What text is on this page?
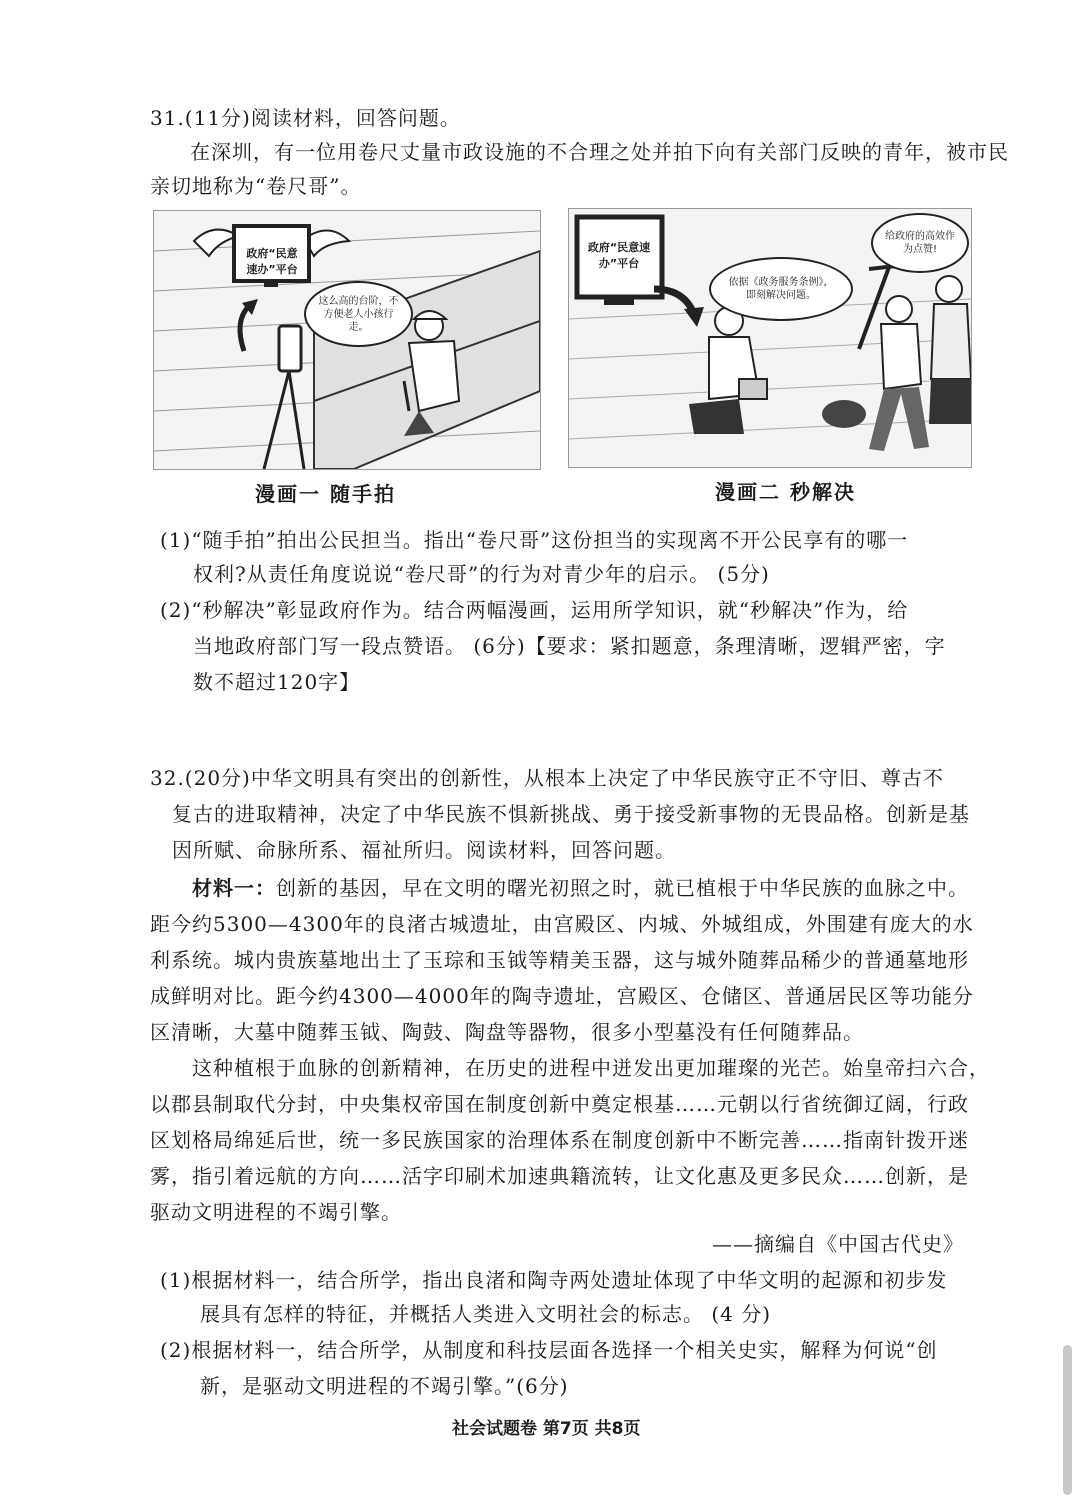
31.(11分)阅读材料，回答问题。
在深圳，有一位用卷尺丈量市政设施的不合理之处并拍下向有关部门反映的青年，被市民
亲切地称为“卷尺哥”。
政府“民意速办”平台
这么高的台阶，不方便老人小孩行走。
政府“民意速办”平台
依据《政务服务条例》，即刻解决问题。
给政府的高效作为点赞!
漫画一 随手拍	漫画二 秒解决
(1)“随手拍”拍出公民担当。指出“卷尺哥”这份担当的实现离不开公民享有的哪一
权利?从责任角度说说“卷尺哥”的行为对青少年的启示。 (5分)
(2)“秒解决”彰显政府作为。结合两幅漫画，运用所学知识，就“秒解决”作为，给
当地政府部门写一段点赞语。 (6分)【要求：紧扣题意，条理清晰，逻辑严密，字
数不超过120字】
32.(20分)中华文明具有突出的创新性，从根本上决定了中华民族守正不守旧、尊古不
复古的进取精神，决定了中华民族不惧新挑战、勇于接受新事物的无畏品格。创新是基
因所赋、命脉所系、福祉所归。阅读材料，回答问题。
材料一：创新的基因，早在文明的曙光初照之时，就已植根于中华民族的血脉之中。
距今约5300—4300年的良渚古城遗址，由宫殿区、内城、外城组成，外围建有庞大的水
利系统。城内贵族墓地出土了玉琮和玉钺等精美玉器，这与城外随葬品稀少的普通墓地形
成鲜明对比。距今约4300—4000年的陶寺遗址，宫殿区、仓储区、普通居民区等功能分
区清晰，大墓中随葬玉钺、陶鼓、陶盘等器物，很多小型墓没有任何随葬品。
这种植根于血脉的创新精神，在历史的进程中迸发出更加璀璨的光芒。始皇帝扫六合，
以郡县制取代分封，中央集权帝国在制度创新中奠定根基……元朝以行省统御辽阔，行政
区划格局绵延后世，统一多民族国家的治理体系在制度创新中不断完善……指南针拨开迷
雾，指引着远航的方向……活字印刷术加速典籍流转，让文化惠及更多民众……创新，是
驱动文明进程的不竭引擎。
——摘编自《中国古代史》
(1)根据材料一，结合所学，指出良渚和陶寺两处遗址体现了中华文明的起源和初步发
展具有怎样的特征，并概括人类进入文明社会的标志。 (4 分)
(2)根据材料一，结合所学，从制度和科技层面各选择一个相关史实，解释为何说“创
新，是驱动文明进程的不竭引擎。”(6分)
社会试题卷 第7页 共8页
